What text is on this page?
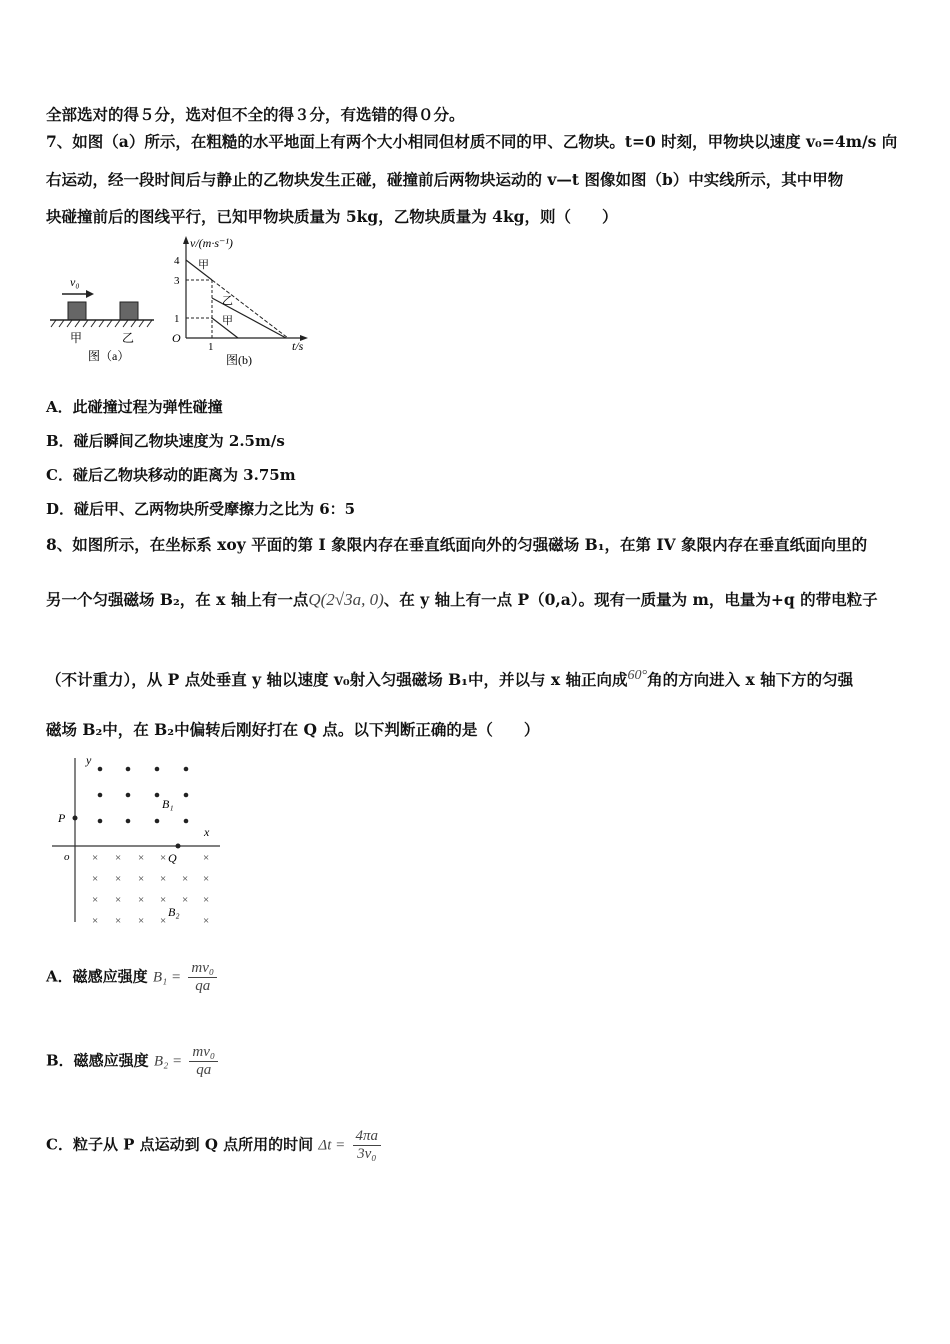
全部选对的得５分，选对但不全的得３分，有选错的得０分。
7、如图（a）所示，在粗糙的水平地面上有两个大小相同但材质不同的甲、乙物块。t=0 时刻，甲物块以速度 v₀=4m/s 向
右运动，经一段时间后与静止的乙物块发生正碰，碰撞前后两物块运动的 v—t 图像如图（b）中实线所示，其中甲物
块碰撞前后的图线平行，已知甲物块质量为 5kg，乙物块质量为 4kg，则（　　）
v₀
甲	乙
图（a）
v/(m·s⁻¹)
t/s
O
4
3
1
1
甲
乙
甲
图(b)
A．此碰撞过程为弹性碰撞
B．碰后瞬间乙物块速度为 2.5m/s
C．碰后乙物块移动的距离为 3.75m
D．碰后甲、乙两物块所受摩擦力之比为 6：5
8、如图所示，在坐标系 xoy 平面的第 I 象限内存在垂直纸面向外的匀强磁场 B₁，在第 IV 象限内存在垂直纸面向里的
另一个匀强磁场 B₂，在 x 轴上有一点Q(2√3a, 0)、在 y 轴上有一点 P（0,a）。现有一质量为 m，电量为+q 的带电粒子
（不计重力），从 P 点处垂直 y 轴以速度 v₀射入匀强磁场 B₁中，并以与 x 轴正向成$^{60^\circ}$角的方向进入 x 轴下方的匀强
磁场 B₂中，在 B₂中偏转后刚好打在 Q 点。以下判断正确的是（　　）
y
x
o
P
Q
B₁
× × × ×	×
× × × × × ×
× × × × × ×
× × × ×	×
B₂
A．磁感应强度 $B_1 = \frac{\text{mv₀}}{qa}$
B．磁感应强度 $B_2 = \frac{\text{mv₀}}{qa}$
C．粒子从 P 点运动到 Q 点所用的时间 $\Delta t = \frac{4\pi a}{\text{3v₀}}$
